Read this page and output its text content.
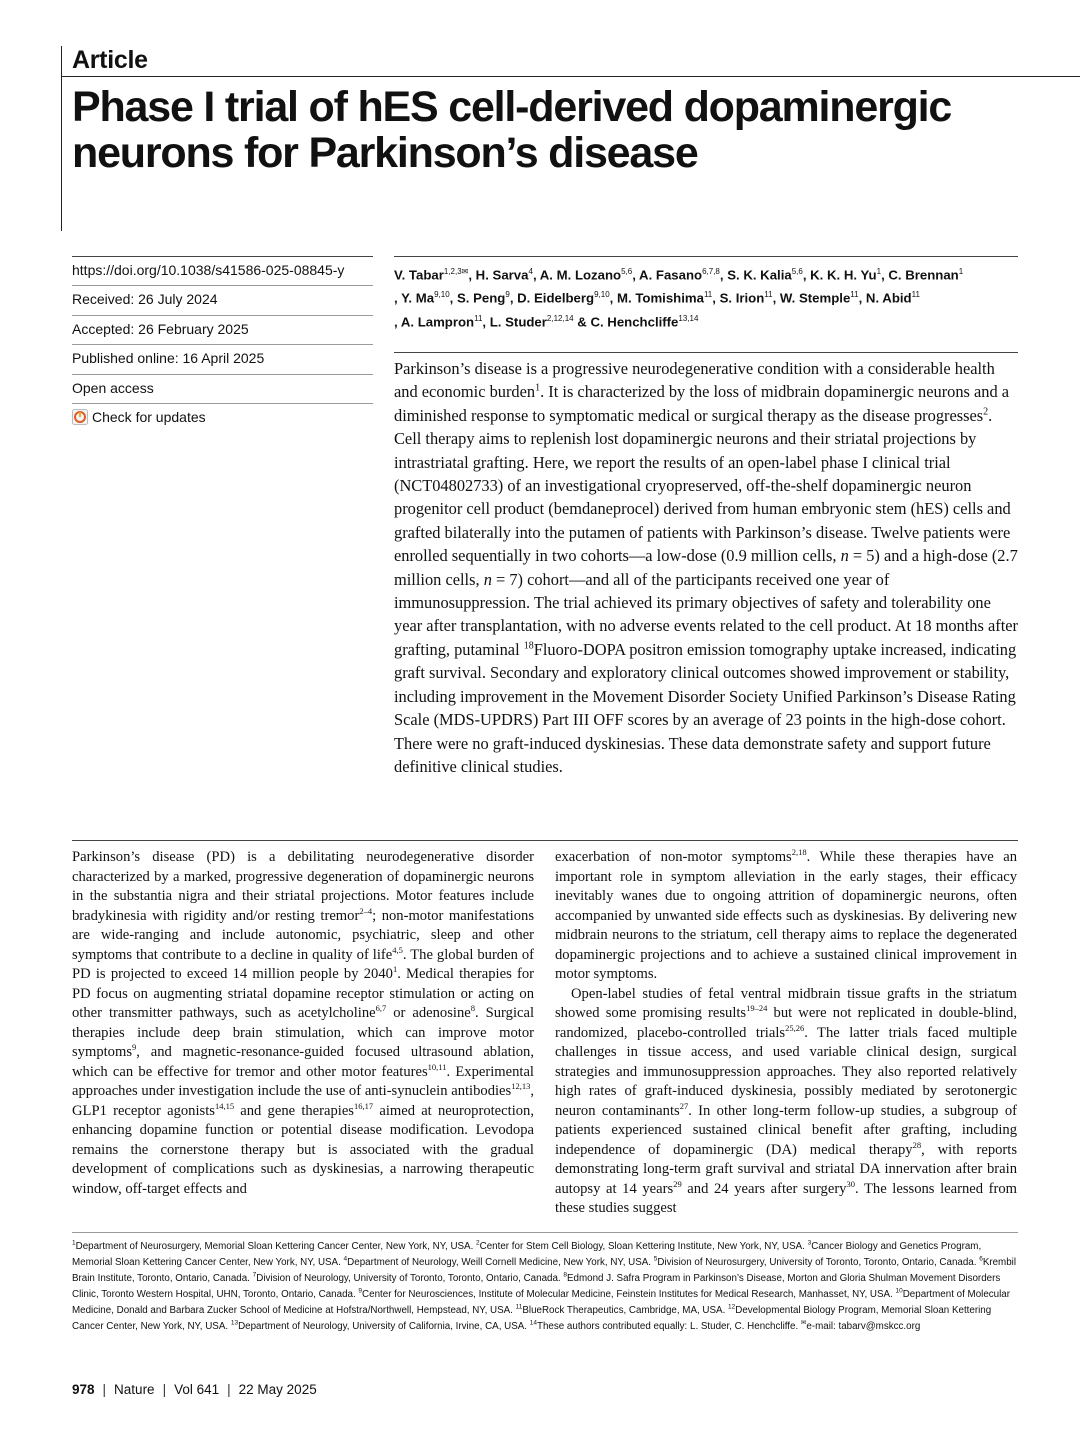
Article
Phase I trial of hES cell-derived dopaminergic neurons for Parkinson’s disease
https://doi.org/10.1038/s41586-025-08845-y
Received: 26 July 2024
Accepted: 26 February 2025
Published online: 16 April 2025
Open access
Check for updates

V. Tabar$^{1,2,3✉}$, H. Sarva$^4$, A. M. Lozano$^{5,6}$, A. Fasano$^{6,7,8}$, S. K. Kalia$^{5,6}$, K. K. H. Yu$^1$, C. Brennan$^1$
, Y. Ma$^{9,10}$, S. Peng$^9$, D. Eidelberg$^{9,10}$, M. Tomishima$^{11}$, S. Irion$^{11}$, W. Stemple$^{11}$, N. Abid$^{11}$
, A. Lampron$^{11}$, L. Studer$^{2,12,14}$ & C. Henchcliffe$^{13,14}$

Parkinson’s disease is a progressive neurodegenerative condition with a considerable health and economic burden$^1$. It is characterized by the loss of midbrain dopaminergic neurons and a diminished response to symptomatic medical or surgical therapy as the disease progresses$^2$. Cell therapy aims to replenish lost dopaminergic neurons and their striatal projections by intrastriatal grafting. Here, we report the results of an open-label phase I clinical trial (NCT04802733) of an investigational cryopreserved, off-the-shelf dopaminergic neuron progenitor cell product (bemdaneprocel) derived from human embryonic stem (hES) cells and grafted bilaterally into the putamen of patients with Parkinson’s disease. Twelve patients were enrolled sequentially in two cohorts—a low-dose (0.9 million cells, n = 5) and a high-dose (2.7 million cells, n = 7) cohort—and all of the participants received one year of immunosuppression. The trial achieved its primary objectives of safety and tolerability one year after transplantation, with no adverse events related to the cell product. At 18 months after grafting, putaminal $^{18}$Fluoro-DOPA positron emission tomography uptake increased, indicating graft survival. Secondary and exploratory clinical outcomes showed improvement or stability, including improvement in the Movement Disorder Society Unified Parkinson’s Disease Rating Scale (MDS-UPDRS) Part III OFF scores by an average of 23 points in the high-dose cohort. There were no graft-induced dyskinesias. These data demonstrate safety and support future definitive clinical studies.

Parkinson’s disease (PD) is a debilitating neurodegenerative disorder characterized by a marked, progressive degeneration of dopaminergic neurons in the substantia nigra and their striatal projections. Motor features include bradykinesia with rigidity and/or resting tremor$^{2-4}$; non-motor manifestations are wide-ranging and include autonomic, psychiatric, sleep and other symptoms that contribute to a decline in quality of life$^{4,5}$. The global burden of PD is projected to exceed 14 million people by 2040$^1$. Medical therapies for PD focus on augmenting striatal dopamine receptor stimulation or acting on other transmitter pathways, such as acetylcholine$^{6,7}$ or adenosine$^8$. Surgical therapies include deep brain stimulation, which can improve motor symptoms$^9$, and magnetic-resonance-guided focused ultrasound ablation, which can be effective for tremor and other motor features$^{10,11}$. Experimental approaches under investigation include the use of anti-synuclein antibodies$^{12,13}$, GLP1 receptor agonists$^{14,15}$ and gene therapies$^{16,17}$ aimed at neuroprotection, enhancing dopamine function or potential disease modification. Levodopa remains the cornerstone therapy but is associated with the gradual development of complications such as dyskinesias, a narrowing therapeutic window, off-target effects and

exacerbation of non-motor symptoms$^{2,18}$. While these therapies have an important role in symptom alleviation in the early stages, their efficacy inevitably wanes due to ongoing attrition of dopaminergic neurons, often accompanied by unwanted side effects such as dyskinesias. By delivering new midbrain neurons to the striatum, cell therapy aims to replace the degenerated dopaminergic projections and to achieve a sustained clinical improvement in motor symptoms.

Open-label studies of fetal ventral midbrain tissue grafts in the striatum showed some promising results$^{19-24}$ but were not replicated in double-blind, randomized, placebo-controlled trials$^{25,26}$. The latter trials faced multiple challenges in tissue access, and used variable clinical design, surgical strategies and immunosuppression approaches. They also reported relatively high rates of graft-induced dyskinesia, possibly mediated by serotonergic neuron contaminants$^{27}$. In other long-term follow-up studies, a subgroup of patients experienced sustained clinical benefit after grafting, including independence of dopaminergic (DA) medical therapy$^{28}$, with reports demonstrating long-term graft survival and striatal DA innervation after brain autopsy at 14 years$^{29}$ and 24 years after surgery$^{30}$. The lessons learned from these studies suggest

$^1$Department of Neurosurgery, Memorial Sloan Kettering Cancer Center, New York, NY, USA. $^2$Center for Stem Cell Biology, Sloan Kettering Institute, New York, NY, USA. $^3$Cancer Biology and Genetics Program, Memorial Sloan Kettering Cancer Center, New York, NY, USA. $^4$Department of Neurology, Weill Cornell Medicine, New York, NY, USA. $^5$Division of Neurosurgery, University of Toronto, Toronto, Ontario, Canada. $^6$Krembil Brain Institute, Toronto, Ontario, Canada. $^7$Division of Neurology, University of Toronto, Toronto, Ontario, Canada. $^8$Edmond J. Safra Program in Parkinson’s Disease, Morton and Gloria Shulman Movement Disorders Clinic, Toronto Western Hospital, UHN, Toronto, Ontario, Canada. $^9$Center for Neurosciences, Institute of Molecular Medicine, Feinstein Institutes for Medical Research, Manhasset, NY, USA. $^{10}$Department of Molecular Medicine, Donald and Barbara Zucker School of Medicine at Hofstra/Northwell, Hempstead, NY, USA. $^{11}$BlueRock Therapeutics, Cambridge, MA, USA. $^{12}$Developmental Biology Program, Memorial Sloan Kettering Cancer Center, New York, NY, USA. $^{13}$Department of Neurology, University of California, Irvine, CA, USA. $^{14}$These authors contributed equally: L. Studer, C. Henchcliffe. ✉e-mail: tabarv@mskcc.org

978 | Nature | Vol 641 | 22 May 2025
